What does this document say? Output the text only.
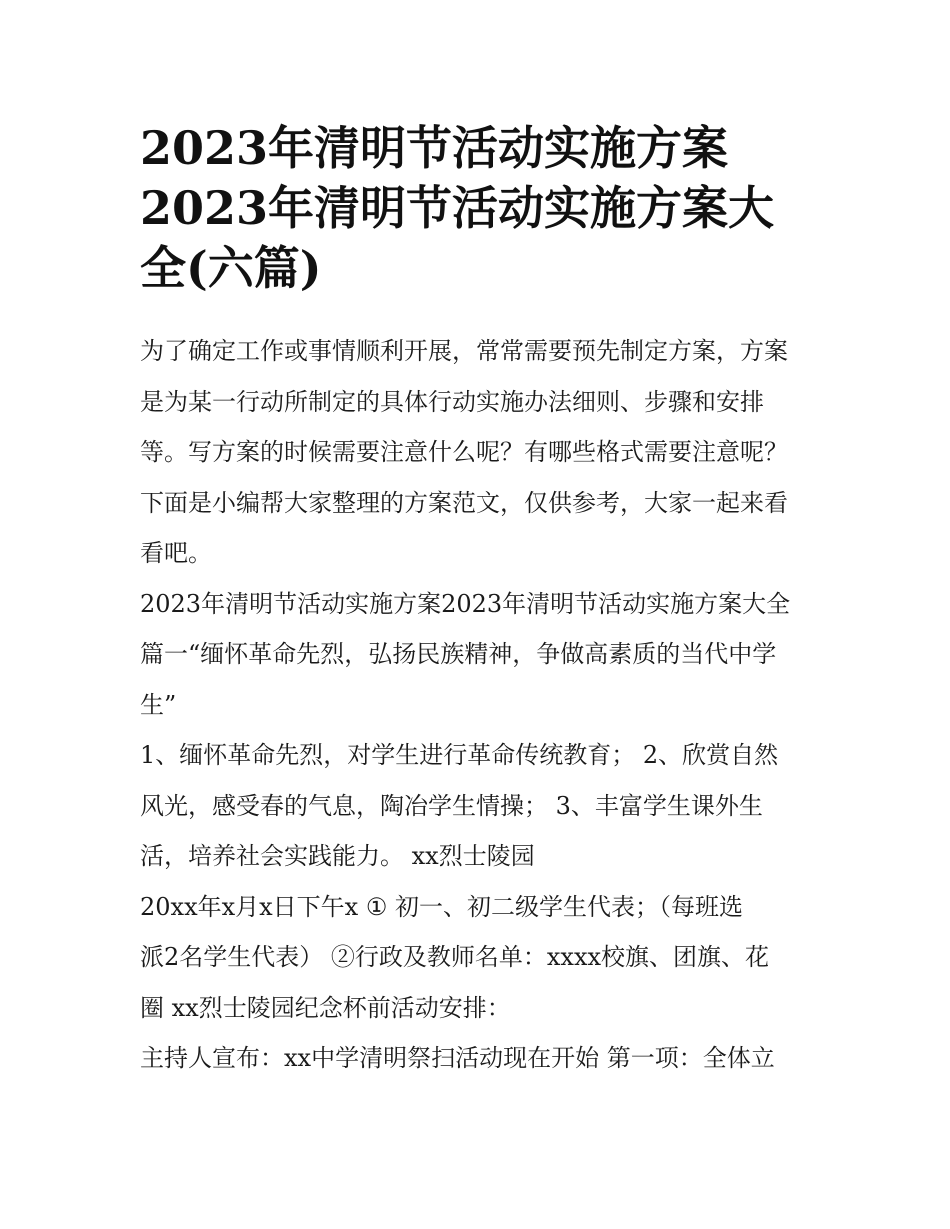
2023年清明节活动实施方案
2023年清明节活动实施方案大
全(六篇)

为了确定工作或事情顺利开展，常常需要预先制定方案，方案
是为某一行动所制定的具体行动实施办法细则、步骤和安排
等。写方案的时候需要注意什么呢？有哪些格式需要注意呢？
下面是小编帮大家整理的方案范文，仅供参考，大家一起来看
看吧。

2023年清明节活动实施方案2023年清明节活动实施方案大全
篇一“缅怀革命先烈，弘扬民族精神，争做高素质的当代中学
生”

1、缅怀革命先烈，对学生进行革命传统教育； 2、欣赏自然
风光，感受春的气息，陶冶学生情操； 3、丰富学生课外生
活，培养社会实践能力。 xx烈士陵园

20xx年x月x日下午x ① 初一、初二级学生代表；（每班选
派2名学生代表） ②行政及教师名单：xxxx校旗、团旗、花
圈 xx烈士陵园纪念杯前活动安排：

主持人宣布：xx中学清明祭扫活动现在开始 第一项：全体立
